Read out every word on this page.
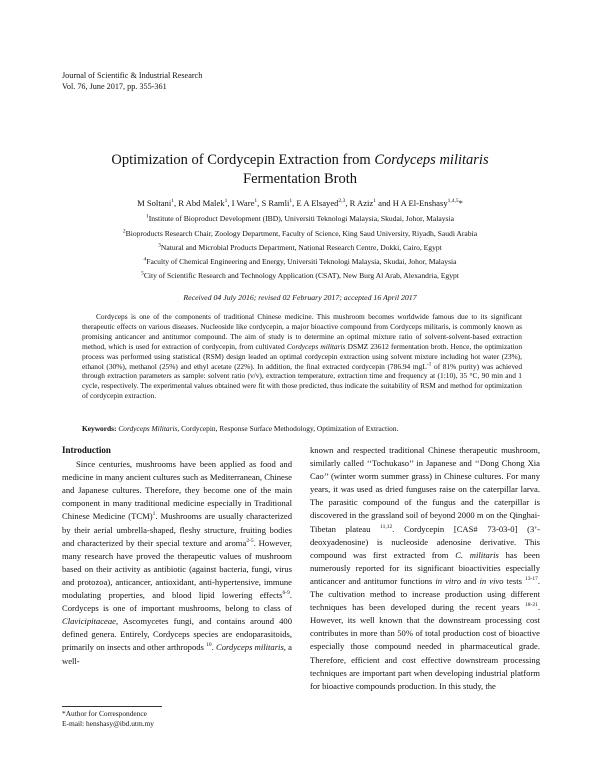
Journal of Scientific & Industrial Research
Vol. 76, June 2017, pp. 355-361
Optimization of Cordycepin Extraction from Cordyceps militaris
Fermentation Broth
M Soltani$^1$, R Abd Malek$^1$, I Ware$^1$, S Ramli$^1$, E A Elsayed$^{2,3}$, R Aziz$^1$ and H A El-Enshasy$^{1,4,5}$*
$^1$Institute of Bioproduct Development (IBD), Universiti Teknologi Malaysia, Skudai, Johor, Malaysia
$^2$Bioproducts Research Chair, Zoology Department, Faculty of Science, King Saud University, Riyadh, Saudi Arabia
$^3$Natural and Microbial Products Department, National Research Centre, Dokki, Cairo, Egypt
$^4$Faculty of Chemical Engineering and Energy, Universiti Teknologi Malaysia, Skudai, Johor, Malaysia
$^5$City of Scientific Research and Technology Application (CSAT), New Burg Al Arab, Alexandria, Egypt
Received 04 July 2016; revised 02 February 2017; accepted 16 April 2017
Cordyceps is one of the components of traditional Chinese medicine. This mushroom becomes worldwide famous due to its significant therapeutic effects on various diseases. Nucleoside like cordycepin, a major bioactive compound from Cordyceps militaris, is commonly known as promising anticancer and antitumor compound. The aim of study is to determine an optimal mixture ratio of solvent-solvent-based extraction method, which is used for extraction of cordycepin, from cultivated Cordyceps militaris DSMZ 23612 fermentation broth. Hence, the optimization process was performed using statistical (RSM) design leaded an optimal cordycepin extraction using solvent mixture including hot water (23%), ethanol (30%), methanol (25%) and ethyl acetate (22%). In addition, the final extracted cordycepin (786.94 mgL$^{-1}$ of 81% purity) was achieved through extraction parameters as sample: solvent ratio (v/v), extraction temperature, extraction time and frequency at (1:10), 35 °C, 90 min and 1 cycle, respectively. The experimental values obtained were fit with those predicted, thus indicate the suitability of RSM and method for optimization of cordycepin extraction.
Keywords: Cordyceps Militaris, Cordycepin, Response Surface Methodology, Optimization of Extraction.
Introduction

Since centuries, mushrooms have been applied as food and medicine in many ancient cultures such as Mediterranean, Chinese and Japanese cultures. Therefore, they become one of the main component in many traditional medicine especially in Traditional Chinese Medicine (TCM)$^1$. Mushrooms are usually characterized by their aerial umbrella-shaped, fleshy structure, fruiting bodies and characterized by their special texture and aroma$^{2-5}$. However, many research have proved the therapeutic values of mushroom based on their activity as antibiotic (against bacteria, fungi, virus and protozoa), anticancer, antioxidant, anti-hypertensive, immune modulating properties, and blood lipid lowering effects$^{6-9}$. Cordyceps is one of important mushrooms, belong to class of Clavicipitaceae, Ascomycetes fungi, and contains around 400 defined genera. Entirely, Cordyceps species are endoparasitoids, primarily on insects and other arthropods $^{10}$. Cordyceps militaris, a well-

known and respected traditional Chinese therapeutic mushroom, similarly called ‘‘Tochukaso’’ in Japanese and ‘‘Dong Chong Xia Cao’’ (winter worm summer grass) in Chinese cultures. For many years, it was used as dried funguses raise on the caterpillar larva. The parasitic compound of the fungus and the caterpillar is discovered in the grassland soil of beyond 2000 m on the Qinghai-Tibetan plateau $^{11,12}$. Cordycepin [CAS# 73-03-0] (3’-deoxyadenosine) is nucleoside adenosine derivative. This compound was first extracted from C. militaris has been numerously reported for its significant bioactivities especially anticancer and antitumor functions in vitro and in vivo tests $^{13-17}$. The cultivation method to increase production using different techniques has been developed during the recent years $^{18-21}$. However, its well known that the downstream processing cost contributes in more than 50% of total production cost of bioactive especially those compound needed in pharmaceutical grade. Therefore, efficient and cost effective downstream processing techniques are important part when developing industrial platform for bioactive compounds production. In this study, the

*Author for Correspondence
E-mail: henshasy@ibd.utm.my
